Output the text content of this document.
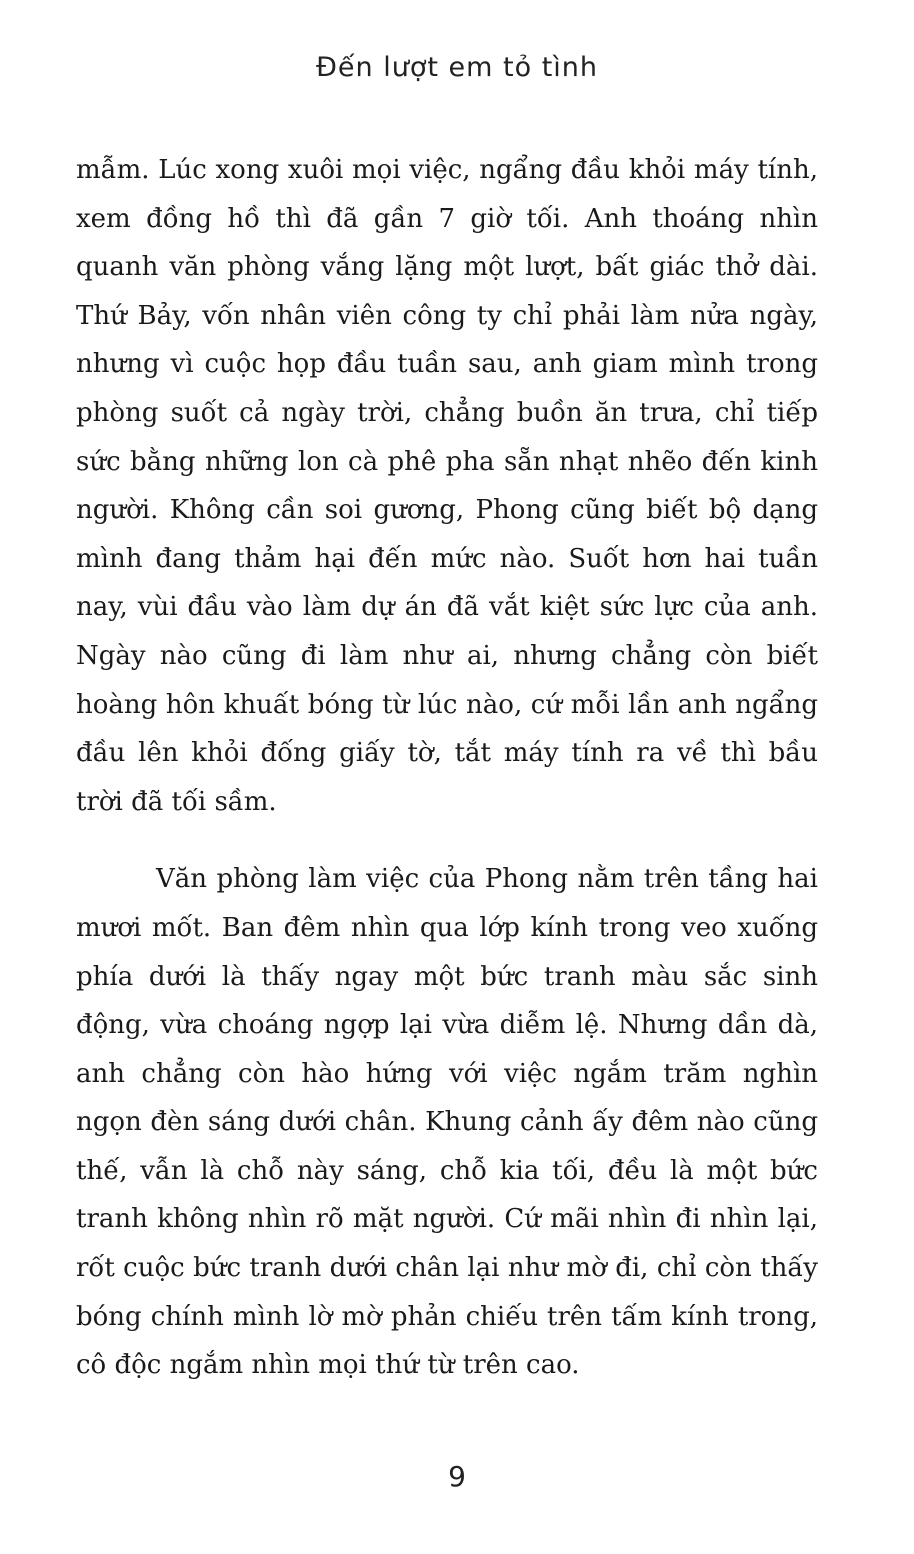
Đến lượt em tỏ tình

mẫm. Lúc xong xuôi mọi việc, ngẩng đầu khỏi máy tính, xem đồng hồ thì đã gần 7 giờ tối. Anh thoáng nhìn quanh văn phòng vắng lặng một lượt, bất giác thở dài. Thứ Bảy, vốn nhân viên công ty chỉ phải làm nửa ngày, nhưng vì cuộc họp đầu tuần sau, anh giam mình trong phòng suốt cả ngày trời, chẳng buồn ăn trưa, chỉ tiếp sức bằng những lon cà phê pha sẵn nhạt nhẽo đến kinh người. Không cần soi gương, Phong cũng biết bộ dạng mình đang thảm hại đến mức nào. Suốt hơn hai tuần nay, vùi đầu vào làm dự án đã vắt kiệt sức lực của anh. Ngày nào cũng đi làm như ai, nhưng chẳng còn biết hoàng hôn khuất bóng từ lúc nào, cứ mỗi lần anh ngẩng đầu lên khỏi đống giấy tờ, tắt máy tính ra về thì bầu trời đã tối sầm.

Văn phòng làm việc của Phong nằm trên tầng hai mươi mốt. Ban đêm nhìn qua lớp kính trong veo xuống phía dưới là thấy ngay một bức tranh màu sắc sinh động, vừa choáng ngợp lại vừa diễm lệ. Nhưng dần dà, anh chẳng còn hào hứng với việc ngắm trăm nghìn ngọn đèn sáng dưới chân. Khung cảnh ấy đêm nào cũng thế, vẫn là chỗ này sáng, chỗ kia tối, đều là một bức tranh không nhìn rõ mặt người. Cứ mãi nhìn đi nhìn lại, rốt cuộc bức tranh dưới chân lại như mờ đi, chỉ còn thấy bóng chính mình lờ mờ phản chiếu trên tấm kính trong, cô độc ngắm nhìn mọi thứ từ trên cao.

9
